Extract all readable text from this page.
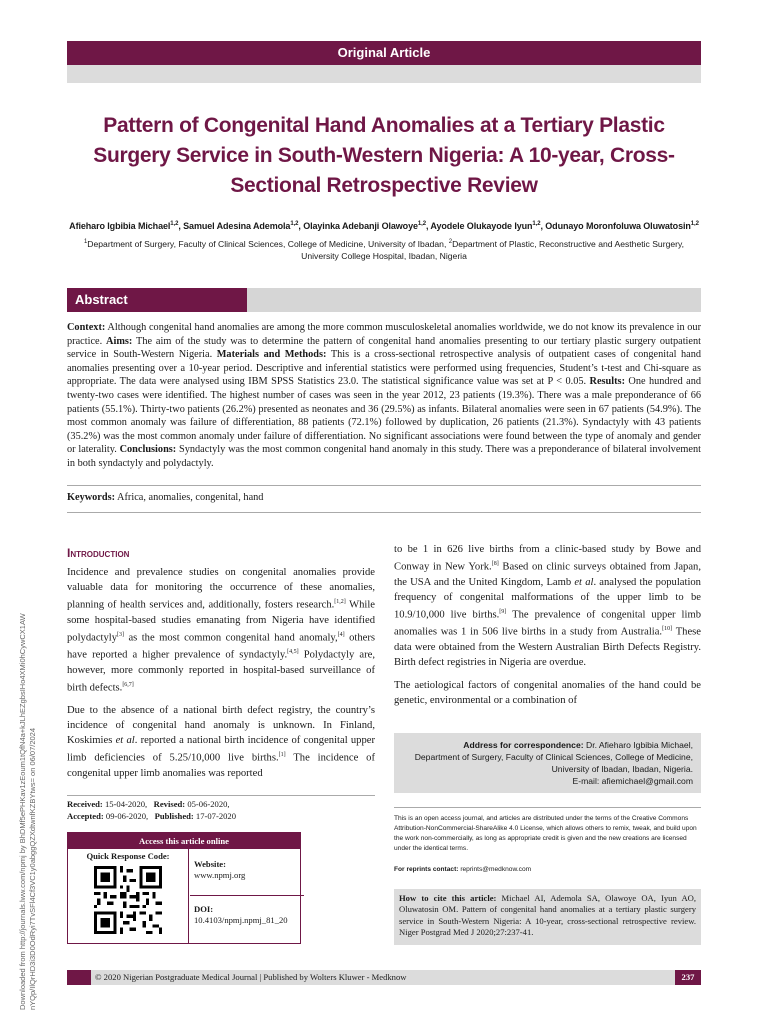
Original Article
Pattern of Congenital Hand Anomalies at a Tertiary Plastic Surgery Service in South-Western Nigeria: A 10-year, Cross-Sectional Retrospective Review
Afieharo Igbibia Michael$^{1,2}$, Samuel Adesina Ademola$^{1,2}$, Olayinka Adebanji Olawoye$^{1,2}$, Ayodele Olukayode Iyun$^{1,2}$, Odunayo Moronfoluwa Oluwatosin$^{1,2}$
$^1$Department of Surgery, Faculty of Clinical Sciences, College of Medicine, University of Ibadan, $^2$Department of Plastic, Reconstructive and Aesthetic Surgery, University College Hospital, Ibadan, Nigeria
Downloaded from http://journals.lww.com/npmj by BhDMf5ePHKav1zEoum1tQfN4a+kJLhEZgbsIHo4XMi0hCywCX1AW nYQp/IlQrHD3i3D0OdRyi7TvSFl4Cf3VC1y0abggQZXdtwnfKZBYtws= on 06/07/2024
Abstract
Context: Although congenital hand anomalies are among the more common musculoskeletal anomalies worldwide, we do not know its prevalence in our practice. Aims: The aim of the study was to determine the pattern of congenital hand anomalies presenting to our tertiary plastic surgery outpatient service in South-Western Nigeria. Materials and Methods: This is a cross-sectional retrospective analysis of outpatient cases of congenital hand anomalies presenting over a 10-year period. Descriptive and inferential statistics were performed using frequencies, Student’s t-test and Chi-square as appropriate. The data were analysed using IBM SPSS Statistics 23.0. The statistical significance value was set at P < 0.05. Results: One hundred and twenty-two cases were identified. The highest number of cases was seen in the year 2012, 23 patients (19.3%). There was a male preponderance of 66 patients (55.1%). Thirty-two patients (26.2%) presented as neonates and 36 (29.5%) as infants. Bilateral anomalies were seen in 67 patients (54.9%). The most common anomaly was failure of differentiation, 88 patients (72.1%) followed by duplication, 26 patients (21.3%). Syndactyly with 43 patients (35.2%) was the most common anomaly under failure of differentiation. No significant associations were found between the type of anomaly and gender or laterality. Conclusions: Syndactyly was the most common congenital hand anomaly in this study. There was a preponderance of bilateral involvement in both syndactyly and polydactyly.
Keywords: Africa, anomalies, congenital, hand
Introduction

Incidence and prevalence studies on congenital anomalies provide valuable data for monitoring the occurrence of these anomalies, planning of health services and, additionally, fosters research.[1,2] While some hospital-based studies emanating from Nigeria have identified polydactyly[3] as the most common congenital hand anomaly,[4] others have reported a higher prevalence of syndactyly.[4,5] Polydactyly are, however, more commonly reported in hospital-based surveillance of birth defects.[6,7]

Due to the absence of a national birth defect registry, the country’s incidence of congenital hand anomaly is unknown. In Finland, Koskimies et al. reported a national birth incidence of congenital upper limb deficiencies of 5.25/10,000 live births.[1] The incidence of congenital upper limb anomalies was reported

to be 1 in 626 live births from a clinic-based study by Bowe and Conway in New York.[8] Based on clinic surveys obtained from Japan, the USA and the United Kingdom, Lamb et al. analysed the population frequency of congenital malformations of the upper limb to be 10.9/10,000 live births.[9] The prevalence of congenital upper limb anomalies was 1 in 506 live births in a study from Australia.[10] These data were obtained from the Western Australian Birth Defects Registry. Birth defect registries in Nigeria are overdue.

The aetiological factors of congenital anomalies of the hand could be genetic, environmental or a combination of

Address for correspondence: Dr. Afieharo Igbibia Michael,
Department of Surgery, Faculty of Clinical Sciences, College of Medicine,
University of Ibadan, Ibadan, Nigeria.
E-mail: afiemichael@gmail.com
Received: 15-04-2020, Revised: 05-06-2020,
Accepted: 09-06-2020, Published: 17-07-2020
Access this article online
Quick Response Code:
Website:
www.npmj.org
DOI:
10.4103/npmj.npmj_81_20
This is an open access journal, and articles are distributed under the terms of the Creative Commons Attribution-NonCommercial-ShareAlike 4.0 License, which allows others to remix, tweak, and build upon the work non-commercially, as long as appropriate credit is given and the new creations are licensed under the identical terms.
For reprints contact: reprints@medknow.com
How to cite this article: Michael AI, Ademola SA, Olawoye OA, Iyun AO, Oluwatosin OM. Pattern of congenital hand anomalies at a tertiary plastic surgery service in South-Western Nigeria: A 10-year, cross-sectional retrospective review. Niger Postgrad Med J 2020;27:237-41.
© 2020 Nigerian Postgraduate Medical Journal | Published by Wolters Kluwer - Medknow	237
